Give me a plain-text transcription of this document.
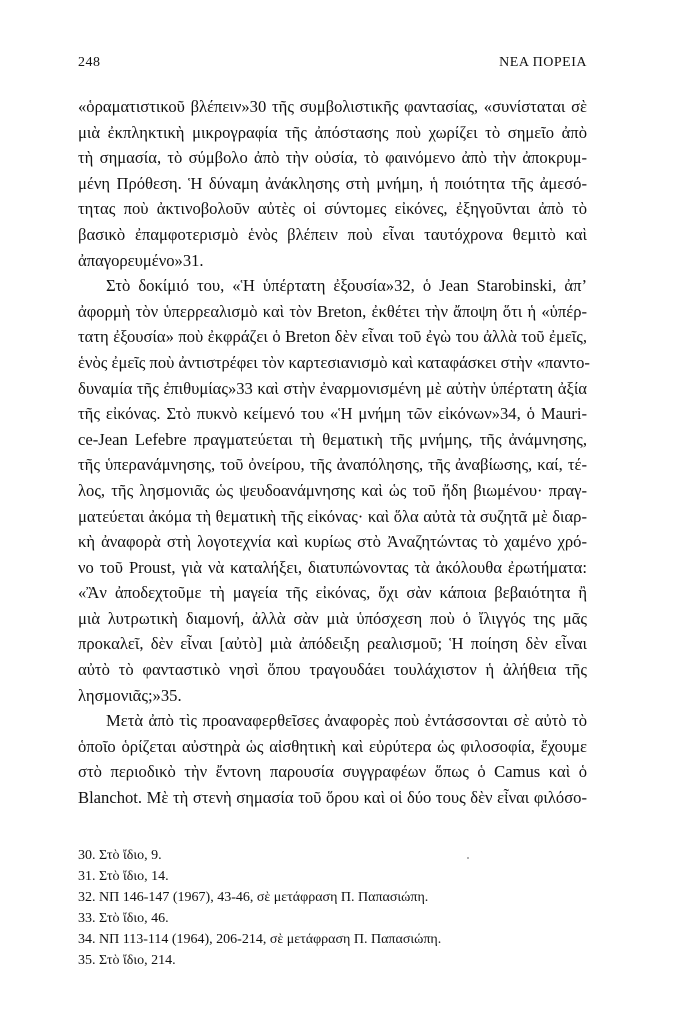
248	ΝΕΑ ΠΟΡΕΙΑ
«ὁραματιστικοῦ βλέπειν»30 τῆς συμβολιστικῆς φαντασίας, «συνίσταται σὲ
μιὰ ἐκπληκτικὴ μικρογραφία τῆς ἀπόστασης ποὺ χωρίζει τὸ σημεῖο ἀπὸ
τὴ σημασία, τὸ σύμβολο ἀπὸ τὴν οὐσία, τὸ φαινόμενο ἀπὸ τὴν ἀποκρυμ-
μένη Πρόθεση. Ἡ δύναμη ἀνάκλησης στὴ μνήμη, ἡ ποιότητα τῆς ἀμεσό-
τητας ποὺ ἀκτινοβολοῦν αὐτὲς οἱ σύντομες εἰκόνες, ἐξηγοῦνται ἀπὸ τὸ
βασικὸ ἐπαμφοτερισμὸ ἑνὸς βλέπειν ποὺ εἶναι ταυτόχρονα θεμιτὸ καὶ
ἀπαγορευμένο»31.
Στὸ δοκίμιό του, «Ἡ ὑπέρτατη ἐξουσία»32, ὁ Jean Starobinski, ἀπ’
ἀφορμὴ τὸν ὑπερρεαλισμὸ καὶ τὸν Breton, ἐκθέτει τὴν ἄποψη ὅτι ἡ «ὑπέρ-
τατη ἐξουσία» ποὺ ἐκφράζει ὁ Breton δὲν εἶναι τοῦ ἐγὼ του ἀλλὰ τοῦ ἐμεῖς,
ἑνὸς ἐμεῖς ποὺ ἀντιστρέφει τὸν καρτεσιανισμὸ καὶ καταφάσκει στὴν «παντο-
δυναμία τῆς ἐπιθυμίας»33 καὶ στὴν ἐναρμονισμένη μὲ αὐτὴν ὑπέρτατη ἀξία
τῆς εἰκόνας. Στὸ πυκνὸ κείμενό του «Ἡ μνήμη τῶν εἰκόνων»34, ὁ Mauri-
ce-Jean Lefebre πραγματεύεται τὴ θεματικὴ τῆς μνήμης, τῆς ἀνάμνησης,
τῆς ὑπερανάμνησης, τοῦ ὀνείρου, τῆς ἀναπόλησης, τῆς ἀναβίωσης, καί, τέ-
λος, τῆς λησμονιᾶς ὡς ψευδοανάμνησης καὶ ὡς τοῦ ἤδη βιωμένου· πραγ-
ματεύεται ἀκόμα τὴ θεματικὴ τῆς εἰκόνας· καὶ ὅλα αὐτὰ τὰ συζητᾶ μὲ διαρ-
κὴ ἀναφορὰ στὴ λογοτεχνία καὶ κυρίως στὸ Ἀναζητώντας τὸ χαμένο χρό-
νο τοῦ Proust, γιὰ νὰ καταλήξει, διατυπώνοντας τὰ ἀκόλουθα ἐρωτήματα:
«Ἂν ἀποδεχτοῦμε τὴ μαγεία τῆς εἰκόνας, ὄχι σὰν κάποια βεβαιότητα ἢ
μιὰ λυτρωτικὴ διαμονή, ἀλλὰ σὰν μιὰ ὑπόσχεση ποὺ ὁ ἴλιγγός της μᾶς
προκαλεῖ, δὲν εἶναι [αὐτὸ] μιὰ ἀπόδειξη ρεαλισμοῦ; Ἡ ποίηση δὲν εἶναι
αὐτὸ τὸ φανταστικὸ νησὶ ὅπου τραγουδάει τουλάχιστον ἡ ἀλήθεια τῆς
λησμονιᾶς;»35.
Μετὰ ἀπὸ τὶς προαναφερθεῖσες ἀναφορὲς ποὺ ἐντάσσονται σὲ αὐτὸ τὸ
ὁποῖο ὁρίζεται αὐστηρὰ ὡς αἰσθητικὴ καὶ εὐρύτερα ὡς φιλοσοφία, ἔχουμε
στὸ περιοδικὸ τὴν ἔντονη παρουσία συγγραφέων ὅπως ὁ Camus καὶ ὁ
Blanchot. Μὲ τὴ στενὴ σημασία τοῦ ὅρου καὶ οἱ δύο τους δὲν εἶναι φιλόσο-
30. Στὸ ἴδιο, 9.
31. Στὸ ἴδιο, 14.
32. ΝΠ 146-147 (1967), 43-46, σὲ μετάφραση Π. Παπασιώπη.
33. Στὸ ἴδιο, 46.
34. ΝΠ 113-114 (1964), 206-214, σὲ μετάφραση Π. Παπασιώπη.
35. Στὸ ἴδιο, 214.
